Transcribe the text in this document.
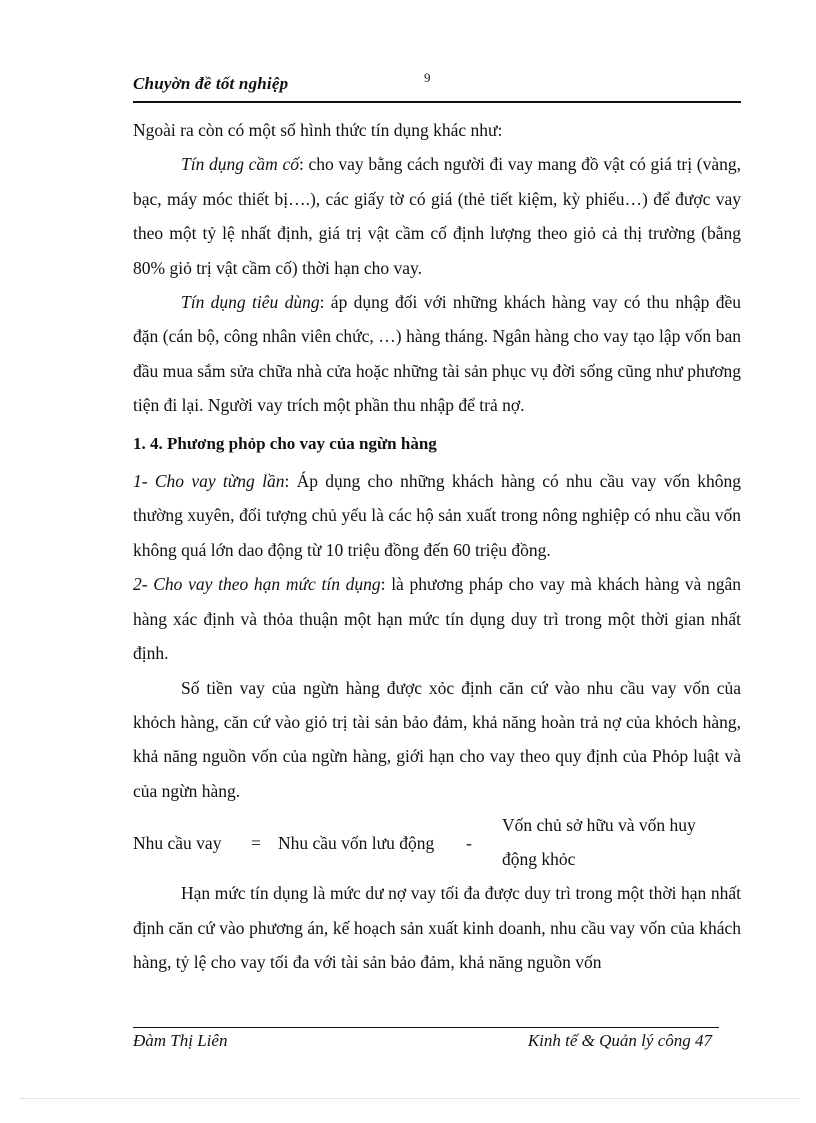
Chuyờn đề tốt nghiệp	9

Ngoài ra còn có một số hình thức tín dụng khác như:

Tín dụng cầm cố: cho vay bằng cách người đi vay mang đồ vật có giá trị (vàng, bạc, máy móc thiết bị….), các giấy tờ có giá (thẻ tiết kiệm, kỳ phiếu…) để được vay theo một tỷ lệ nhất định, giá trị vật cầm cố định lượng theo giỏ cả thị trường (bằng 80% giỏ trị vật cầm cố) thời hạn cho vay.

Tín dụng tiêu dùng: áp dụng đối với những khách hàng vay có thu nhập đều đặn (cán bộ, công nhân viên chức, …) hàng tháng. Ngân hàng cho vay tạo lập vốn ban đầu mua sắm sửa chữa nhà cửa hoặc những tài sản phục vụ đời sống cũng như phương tiện đi lại. Người vay trích một phần thu nhập để trả nợ.

1. 4. Phương phỏp cho vay của ngừn hàng

1- Cho vay từng lần: Áp dụng cho những khách hàng có nhu cầu vay vốn không thường xuyên, đối tượng chủ yếu là các hộ sản xuất trong nông nghiệp có nhu cầu vốn không quá lớn dao động từ 10 triệu đồng đến 60 triệu đồng.

2- Cho vay theo hạn mức tín dụng: là phương pháp cho vay mà khách hàng và ngân hàng xác định và thỏa thuận một hạn mức tín dụng duy trì trong một thời gian nhất định.

Số tiền vay của ngừn hàng được xỏc định căn cứ vào nhu cầu vay vốn của khỏch hàng, căn cứ vào giỏ trị tài sản bảo đảm, khả năng hoàn trả nợ của khỏch hàng, khả năng nguồn vốn của ngừn hàng, giới hạn cho vay theo quy định của Phỏp luật và của ngừn hàng.

Nhu cầu vay = Nhu cầu vốn lưu động -
Vốn chủ sở hữu và vốn huy
động khỏc

Hạn mức tín dụng là mức dư nợ vay tối đa được duy trì trong một thời hạn nhất định căn cứ vào phương án, kế hoạch sản xuất kinh doanh, nhu cầu vay vốn của khách hàng, tỷ lệ cho vay tối đa với tài sản bảo đảm, khả năng nguồn vốn

Đàm Thị Liên	Kinh tế & Quản lý công 47
